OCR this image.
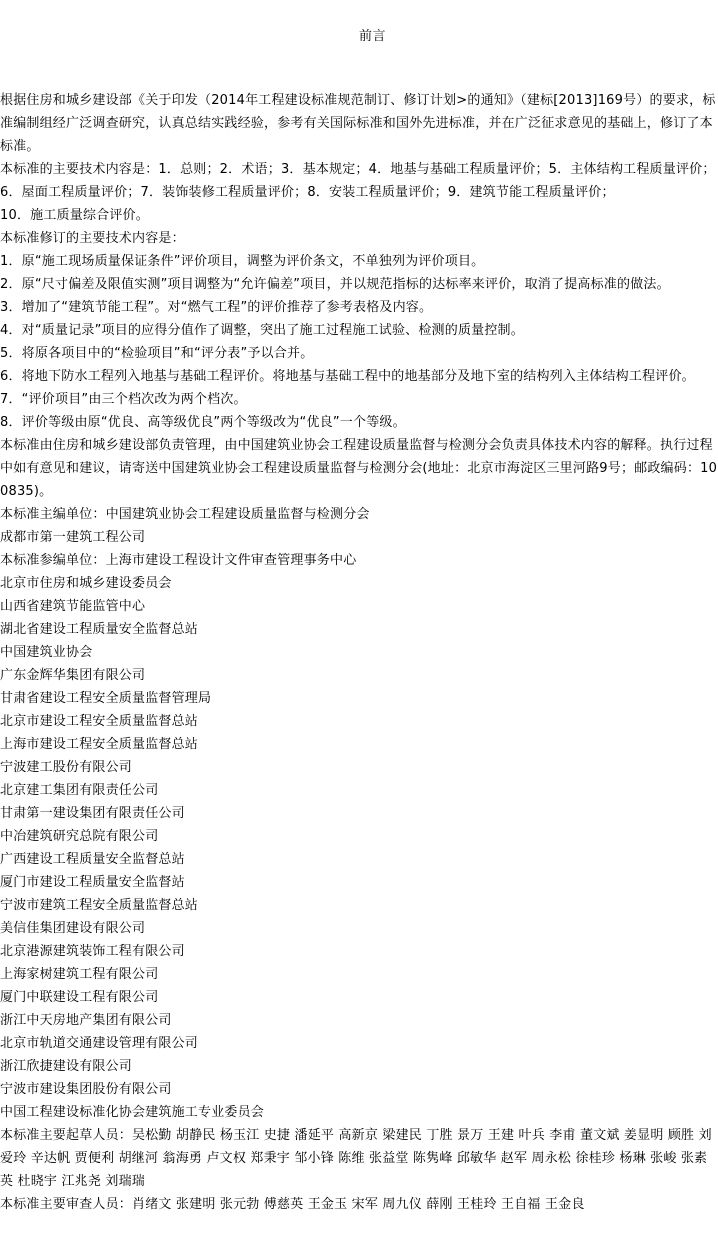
前言

根据住房和城乡建设部《关于印发（2014年工程建设标准规范制订、修订计划>的通知》（建标[2013]169号）的要求，标准编制组经广泛调查研究，认真总结实践经验，参考有关国际标准和国外先进标准，并在广泛征求意见的基础上，修订了本标准。

本标准的主要技术内容是：1．总则；2．术语；3．基本规定；4．地基与基础工程质量评价；5．主体结构工程质量评价；6．屋面工程质量评价；7．装饰装修工程质量评价；8．安装工程质量评价；9．建筑节能工程质量评价；

10．施工质量综合评价。

本标准修订的主要技术内容是：

1．原“施工现场质量保证条件”评价项目，调整为评价条文，不单独列为评价项目。

2．原“尺寸偏差及限值实测”项目调整为“允许偏差”项目，并以规范指标的达标率来评价，取消了提高标准的做法。

3．增加了“建筑节能工程”。对“燃气工程”的评价推荐了参考表格及内容。

4．对“质量记录”项目的应得分值作了调整，突出了施工过程施工试验、检测的质量控制。

5．将原各项目中的“检验项目”和“评分表”予以合并。

6．将地下防水工程列入地基与基础工程评价。将地基与基础工程中的地基部分及地下室的结构列入主体结构工程评价。

7．“评价项目”由三个档次改为两个档次。

8．评价等级由原“优良、高等级优良”两个等级改为“优良”一个等级。

本标准由住房和城乡建设部负责管理，由中国建筑业协会工程建设质量监督与检测分会负责具体技术内容的解释。执行过程中如有意见和建议，请寄送中国建筑业协会工程建设质量监督与检测分会(地址：北京市海淀区三里河路9号；邮政编码：100835)。

本标准主编单位：中国建筑业协会工程建设质量监督与检测分会

成都市第一建筑工程公司

本标准参编单位：上海市建设工程设计文件审查管理事务中心

北京市住房和城乡建设委员会

山西省建筑节能监管中心

湖北省建设工程质量安全监督总站

中国建筑业协会

广东金辉华集团有限公司

甘肃省建设工程安全质量监督管理局

北京市建设工程安全质量监督总站

上海市建设工程安全质量监督总站

宁波建工股份有限公司

北京建工集团有限责任公司

甘肃第一建设集团有限责任公司

中冶建筑研究总院有限公司

广西建设工程质量安全监督总站

厦门市建设工程质量安全监督站

宁波市建筑工程安全质量监督总站

美信佳集团建设有限公司

北京港源建筑装饰工程有限公司

上海家树建筑工程有限公司

厦门中联建设工程有限公司

浙江中天房地产集团有限公司

北京市轨道交通建设管理有限公司

浙江欣捷建设有限公司

宁波市建设集团股份有限公司

中国工程建设标准化协会建筑施工专业委员会

本标准主要起草人员：吴松勤 胡静民 杨玉江 史捷 潘延平 高新京 梁建民 丁胜 景万 王建 叶兵 李甫 董文斌 姜显明 顾胜 刘爱玲 辛达帆 贾便利 胡继河 翁海勇 卢文权 郑秉宇 邹小锋 陈维 张益堂 陈隽峰 邱敏华 赵军 周永松 徐桂珍 杨琳 张峻 张素英 杜晓宇 江兆尧 刘瑞瑞

本标准主要审查人员：肖绪文 张建明 张元勃 傅慈英 王金玉 宋军 周九仪 薛刚 王桂玲 王自福 王金良
